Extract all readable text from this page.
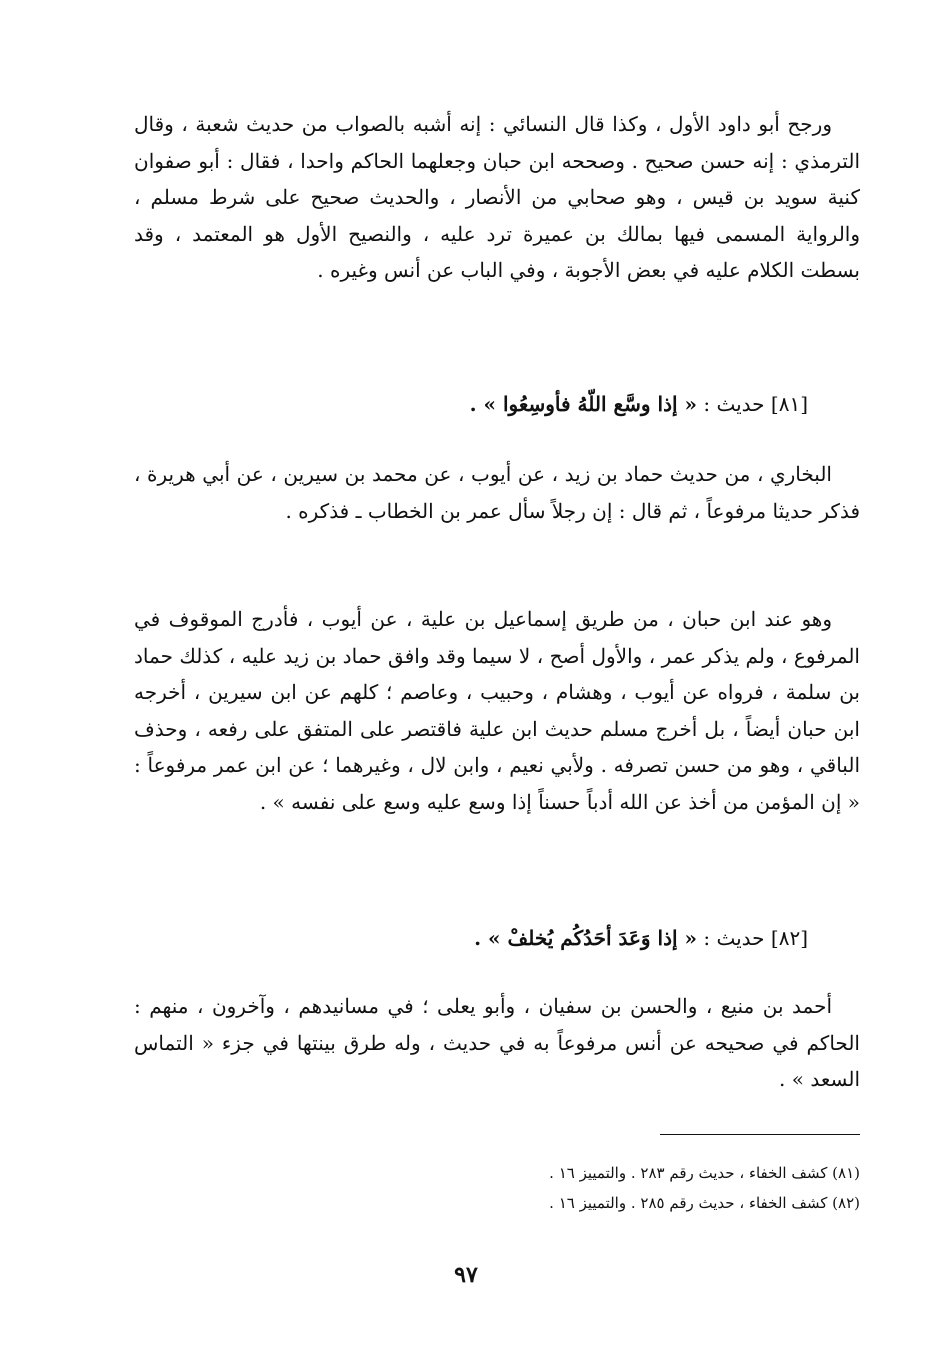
ورجح أبو داود الأول ، وكذا قال النسائي : إنه أشبه بالصواب من حديث شعبة ، وقال الترمذي : إنه حسن صحيح . وصححه ابن حبان وجعلهما الحاكم واحدا ، فقال : أبو صفوان كنية سويد بن قيس ، وهو صحابي من الأنصار ، والحديث صحيح على شرط مسلم ، والرواية المسمى فيها بمالك بن عميرة ترد عليه ، والنصيح الأول هو المعتمد ، وقد بسطت الكلام عليه في بعض الأجوبة ، وفي الباب عن أنس وغيره .

[٨١] حديث : « إذا وسَّع اللّهُ فأوسِعُوا » .

البخاري ، من حديث حماد بن زيد ، عن أيوب ، عن محمد بن سيرين ، عن أبي هريرة ، فذكر حديثا مرفوعاً ، ثم قال : إن رجلاً سأل عمر بن الخطاب ـ فذكره .

وهو عند ابن حبان ، من طريق إسماعيل بن علية ، عن أيوب ، فأدرج الموقوف في المرفوع ، ولم يذكر عمر ، والأول أصح ، لا سيما وقد وافق حماد بن زيد عليه ، كذلك حماد بن سلمة ، فرواه عن أيوب ، وهشام ، وحبيب ، وعاصم ؛ كلهم عن ابن سيرين ، أخرجه ابن حبان أيضاً ، بل أخرج مسلم حديث ابن علية فاقتصر على المتفق على رفعه ، وحذف الباقي ، وهو من حسن تصرفه . ولأبي نعيم ، وابن لال ، وغيرهما ؛ عن ابن عمر مرفوعاً : « إن المؤمن من أخذ عن الله أدباً حسناً إذا وسع عليه وسع على نفسه » .

[٨٢] حديث : « إذا وَعَدَ أحَدُكُم يُخلفْ » .

أحمد بن منيع ، والحسن بن سفيان ، وأبو يعلى ؛ في مسانيدهم ، وآخرون ، منهم : الحاكم في صحيحه عن أنس مرفوعاً به في حديث ، وله طرق بينتها في جزء « التماس السعد » .

(٨١) كشف الخفاء ، حديث رقم ٢٨٣ . والتمييز ١٦ .
(٨٢) كشف الخفاء ، حديث رقم ٢٨٥ . والتمييز ١٦ .
٩٧
